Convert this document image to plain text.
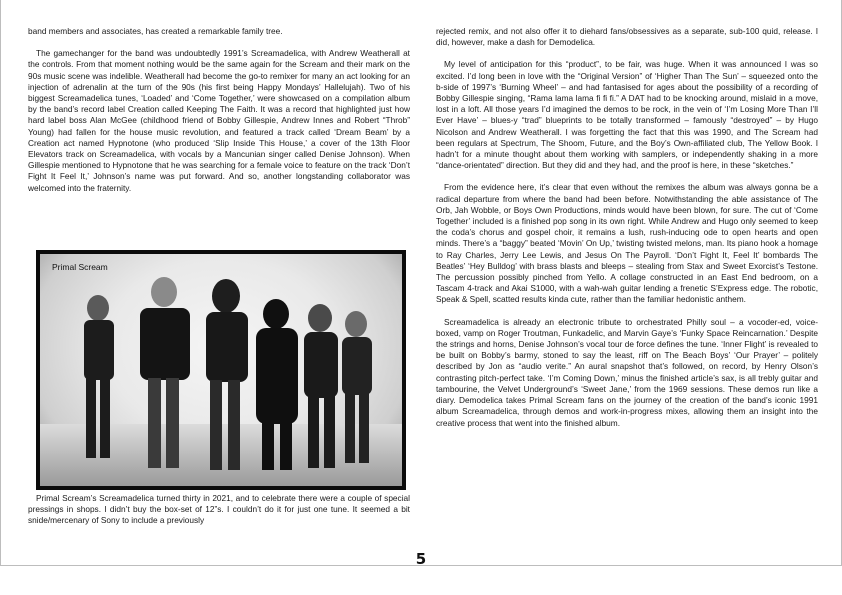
band members and associates, has created a remarkable family tree.

The gamechanger for the band was undoubtedly 1991’s Screamadelica, with Andrew Weatherall at the controls. From that moment nothing would be the same again for the Scream and their mark on the 90s music scene was indelible. Weatherall had become the go-to remixer for many an act looking for an injection of adrenalin at the turn of the 90s (his first being Happy Mondays’ Hallelujah). Two of his biggest Screamadelica tunes, ‘Loaded’ and ‘Come Together,’ were showcased on a compilation album by the band’s record label Creation called Keeping The Faith. It was a record that highlighted just how hard label boss Alan McGee (childhood friend of Bobby Gillespie, Andrew Innes and Robert “Throb” Young) had fallen for the house music revolution, and featured a track called ‘Dream Beam’ by a Creation act named Hypnotone (who produced ‘Slip Inside This House,’ a cover of the 13th Floor Elevators track on Screamadelica, with vocals by a Mancunian singer called Denise Johnson). When Gillespie mentioned to Hypnotone that he was searching for a female voice to feature on the track ‘Don’t Fight It Feel It,’ Johnson’s name was put forward. And so, another longstanding collaborator was welcomed into the fraternity.

Primal Scream

Primal Scream’s Screamadelica turned thirty in 2021, and to celebrate there were a couple of special pressings in shops. I didn’t buy the box-set of 12”s. I couldn’t do it for just one tune. It seemed a bit snide/mercenary of Sony to include a previously

rejected remix, and not also offer it to diehard fans/obsessives as a separate, sub-100 quid, release. I did, however, make a dash for Demodelica.

My level of anticipation for this “product”, to be fair, was huge. When it was announced I was so excited. I’d long been in love with the “Original Version” of ‘Higher Than The Sun’ – squeezed onto the b-side of 1997’s ‘Burning Wheel’ – and had fantasised for ages about the possibility of a recording of Bobby Gillespie singing, “Rama lama lama fi fi fi.” A DAT had to be knocking around, mislaid in a move, lost in a loft. All those years I’d imagined the demos to be rock, in the vein of ‘I’m Losing More Than I’ll Ever Have’ – blues-y “trad” blueprints to be totally transformed – famously “destroyed” – by Hugo Nicolson and Andrew Weatherall. I was forgetting the fact that this was 1990, and The Scream had been regulars at Spectrum, The Shoom, Future, and the Boy’s Own-affiliated club, The Yellow Book. I hadn’t for a minute thought about them working with samplers, or independently shaking in a more “dance-orientated” direction. But they did and they had, and the proof is here, in these “sketches.”

From the evidence here, it’s clear that even without the remixes the album was always gonna be a radical departure from where the band had been before. Notwithstanding the able assistance of The Orb, Jah Wobble, or Boys Own Productions, minds would have been blown, for sure. The cut of ‘Come Together’ included is a finished pop song in its own right. While Andrew and Hugo only seemed to keep the coda’s chorus and gospel choir, it remains a lush, rush-inducing ode to open hearts and open minds. There’s a “baggy” beated ‘Movin’ On Up,’ twisting twisted melons, man. Its piano hook a homage to Ray Charles, Jerry Lee Lewis, and Jesus On The Payroll. ‘Don’t Fight It, Feel It’ bombards The Beatles’ ‘Hey Bulldog’ with brass blasts and bleeps – stealing from Stax and Sweet Exorcist’s Testone. The percussion possibly pinched from Yello. A collage constructed in an East End bedroom, on a Tascam 4-track and Akai S1000, with a wah-wah guitar lending a frenetic S’Express edge. The robotic, Speak & Spell, scatted results kinda cute, rather than the familiar hedonistic anthem.

Screamadelica is already an electronic tribute to orchestrated Philly soul – a vocoder-ed, voice-boxed, vamp on Roger Troutman, Funkadelic, and Marvin Gaye’s ‘Funky Space Reincarnation.’ Despite the strings and horns, Denise Johnson’s vocal tour de force defines the tune. ‘Inner Flight’ is revealed to be built on Bobby’s barmy, stoned to say the least, riff on The Beach Boys’ ‘Our Prayer’ – politely described by Jon as “audio verite.” An aural snapshot that’s followed, on record, by Henry Olson’s contrasting pitch-perfect take. ‘I’m Coming Down,’ minus the finished article’s sax, is all trebly guitar and tambourine, the Velvet Underground’s ‘Sweet Jane,’ from the 1969 sessions. These demos run like a diary. Demodelica takes Primal Scream fans on the journey of the creation of the band’s iconic 1991 album Screamadelica, through demos and work-in-progress mixes, allowing them an insight into the creative process that went into the finished album.

5
